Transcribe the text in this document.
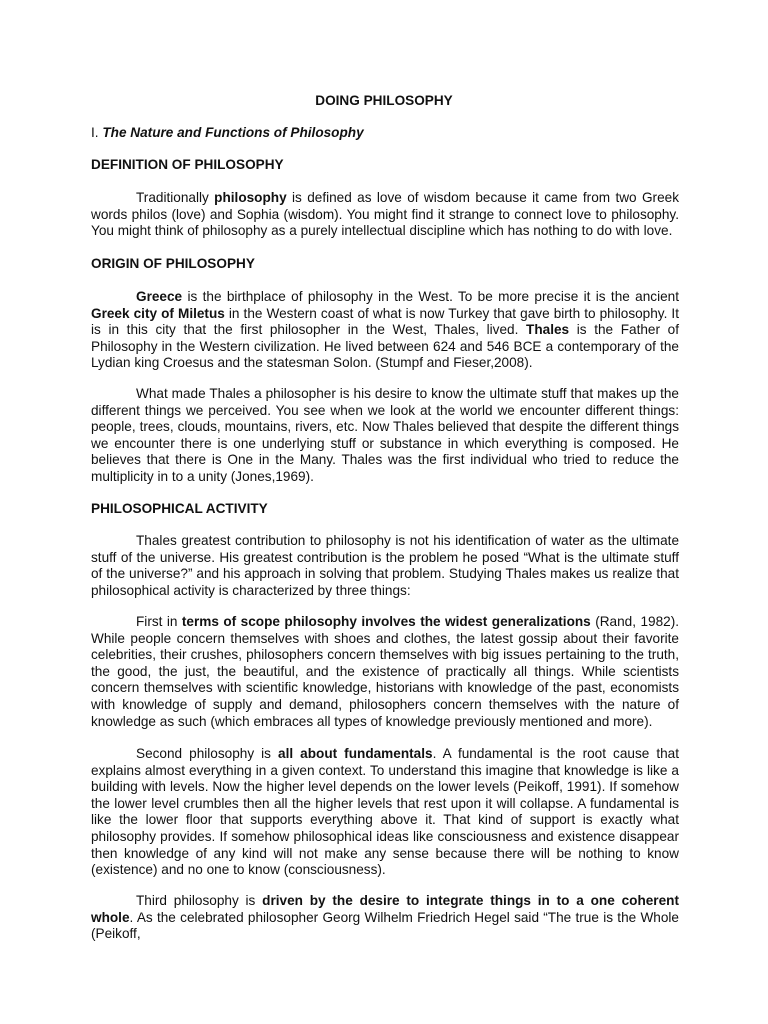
DOING PHILOSOPHY
I. The Nature and Functions of Philosophy
DEFINITION OF PHILOSOPHY

Traditionally philosophy is defined as love of wisdom because it came from two Greek words philos (love) and Sophia (wisdom). You might find it strange to connect love to philosophy. You might think of philosophy as a purely intellectual discipline which has nothing to do with love.

ORIGIN OF PHILOSOPHY

Greece is the birthplace of philosophy in the West. To be more precise it is the ancient Greek city of Miletus in the Western coast of what is now Turkey that gave birth to philosophy. It is in this city that the first philosopher in the West, Thales, lived. Thales is the Father of Philosophy in the Western civilization. He lived between 624 and 546 BCE a contemporary of the Lydian king Croesus and the statesman Solon. (Stumpf and Fieser,2008).

What made Thales a philosopher is his desire to know the ultimate stuff that makes up the different things we perceived. You see when we look at the world we encounter different things: people, trees, clouds, mountains, rivers, etc. Now Thales believed that despite the different things we encounter there is one underlying stuff or substance in which everything is composed. He believes that there is One in the Many. Thales was the first individual who tried to reduce the multiplicity in to a unity (Jones,1969).

PHILOSOPHICAL ACTIVITY

Thales greatest contribution to philosophy is not his identification of water as the ultimate stuff of the universe. His greatest contribution is the problem he posed “What is the ultimate stuff of the universe?” and his approach in solving that problem. Studying Thales makes us realize that philosophical activity is characterized by three things:

First in terms of scope philosophy involves the widest generalizations (Rand, 1982). While people concern themselves with shoes and clothes, the latest gossip about their favorite celebrities, their crushes, philosophers concern themselves with big issues pertaining to the truth, the good, the just, the beautiful, and the existence of practically all things. While scientists concern themselves with scientific knowledge, historians with knowledge of the past, economists with knowledge of supply and demand, philosophers concern themselves with the nature of knowledge as such (which embraces all types of knowledge previously mentioned and more).

Second philosophy is all about fundamentals. A fundamental is the root cause that explains almost everything in a given context. To understand this imagine that knowledge is like a building with levels. Now the higher level depends on the lower levels (Peikoff, 1991). If somehow the lower level crumbles then all the higher levels that rest upon it will collapse. A fundamental is like the lower floor that supports everything above it. That kind of support is exactly what philosophy provides. If somehow philosophical ideas like consciousness and existence disappear then knowledge of any kind will not make any sense because there will be nothing to know (existence) and no one to know (consciousness).

Third philosophy is driven by the desire to integrate things in to a one coherent whole. As the celebrated philosopher Georg Wilhelm Friedrich Hegel said “The true is the Whole (Peikoff,
